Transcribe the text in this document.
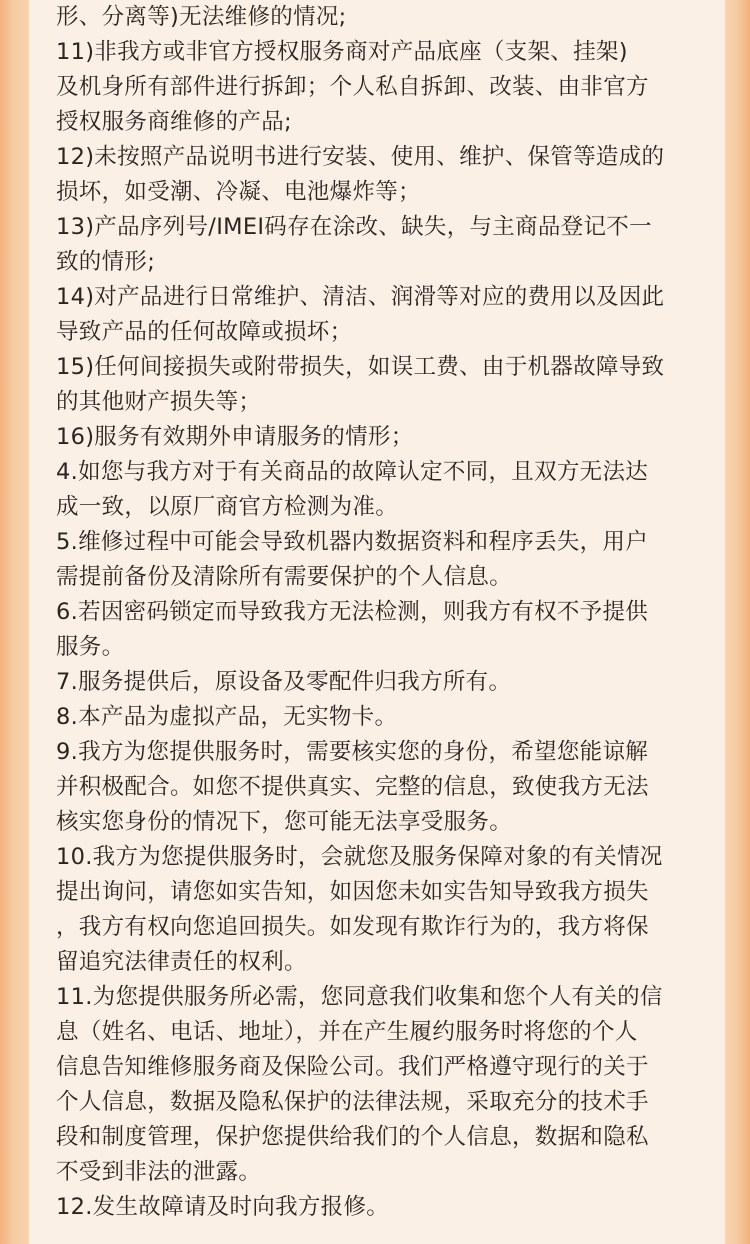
形、分离等)无法维修的情况;
11)非我方或非官方授权服务商对产品底座（支架、挂架)
及机身所有部件进行拆卸；个人私自拆卸、改装、由非官方
授权服务商维修的产品;
12)未按照产品说明书进行安装、使用、维护、保管等造成的
损坏，如受潮、冷凝、电池爆炸等；
13)产品序列号/IMEI码存在涂改、缺失，与主商品登记不一
致的情形;
14)对产品进行日常维护、清洁、润滑等对应的费用以及因此
导致产品的任何故障或损坏；
15)任何间接损失或附带损失，如误工费、由于机器故障导致
的其他财产损失等；
16)服务有效期外申请服务的情形；
4.如您与我方对于有关商品的故障认定不同，且双方无法达
成一致，以原厂商官方检测为准。
5.维修过程中可能会导致机器内数据资料和程序丢失，用户
需提前备份及清除所有需要保护的个人信息。
6.若因密码锁定而导致我方无法检测，则我方有权不予提供
服务。
7.服务提供后，原设备及零配件归我方所有。
8.本产品为虚拟产品，无实物卡。
9.我方为您提供服务时，需要核实您的身份，希望您能谅解
并积极配合。如您不提供真实、完整的信息，致使我方无法
核实您身份的情况下，您可能无法享受服务。
10.我方为您提供服务时，会就您及服务保障对象的有关情况
提出询问，请您如实告知，如因您未如实告知导致我方损失
，我方有权向您追回损失。如发现有欺诈行为的，我方将保
留追究法律责任的权利。
11.为您提供服务所必需，您同意我们收集和您个人有关的信
息（姓名、电话、地址），并在产生履约服务时将您的个人
信息告知维修服务商及保险公司。我们严格遵守现行的关于
个人信息，数据及隐私保护的法律法规，采取充分的技术手
段和制度管理，保护您提供给我们的个人信息，数据和隐私
不受到非法的泄露。
12.发生故障请及时向我方报修。
